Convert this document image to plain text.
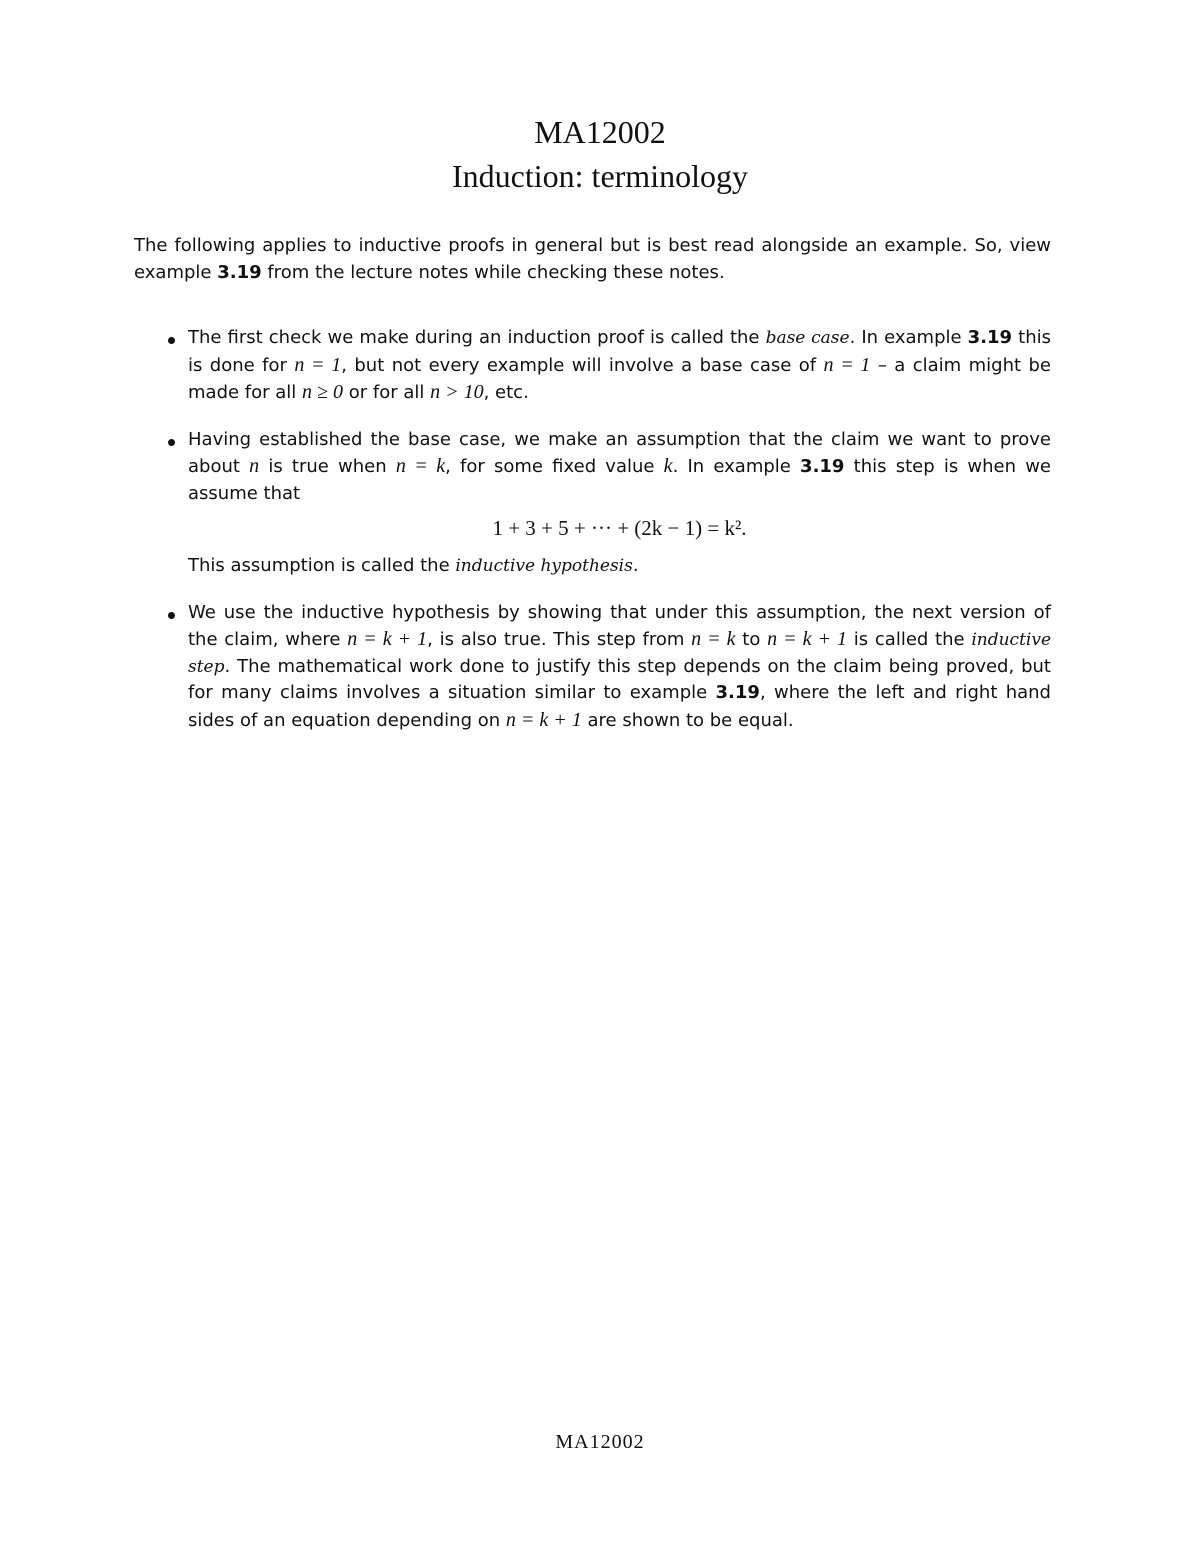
MA12002
Induction: terminology

The following applies to inductive proofs in general but is best read alongside an example. So, view example 3.19 from the lecture notes while checking these notes.

The first check we make during an induction proof is called the base case. In example 3.19 this is done for n = 1, but not every example will involve a base case of n = 1 – a claim might be made for all n ≥ 0 or for all n > 10, etc.
Having established the base case, we make an assumption that the claim we want to prove about n is true when n = k, for some fixed value k. In example 3.19 this step is when we assume that
1 + 3 + 5 + ··· + (2k − 1) = k².
This assumption is called the inductive hypothesis.
We use the inductive hypothesis by showing that under this assumption, the next version of the claim, where n = k + 1, is also true. This step from n = k to n = k + 1 is called the inductive step. The mathematical work done to justify this step depends on the claim being proved, but for many claims involves a situation similar to example 3.19, where the left and right hand sides of an equation depending on n = k + 1 are shown to be equal.
MA12002
